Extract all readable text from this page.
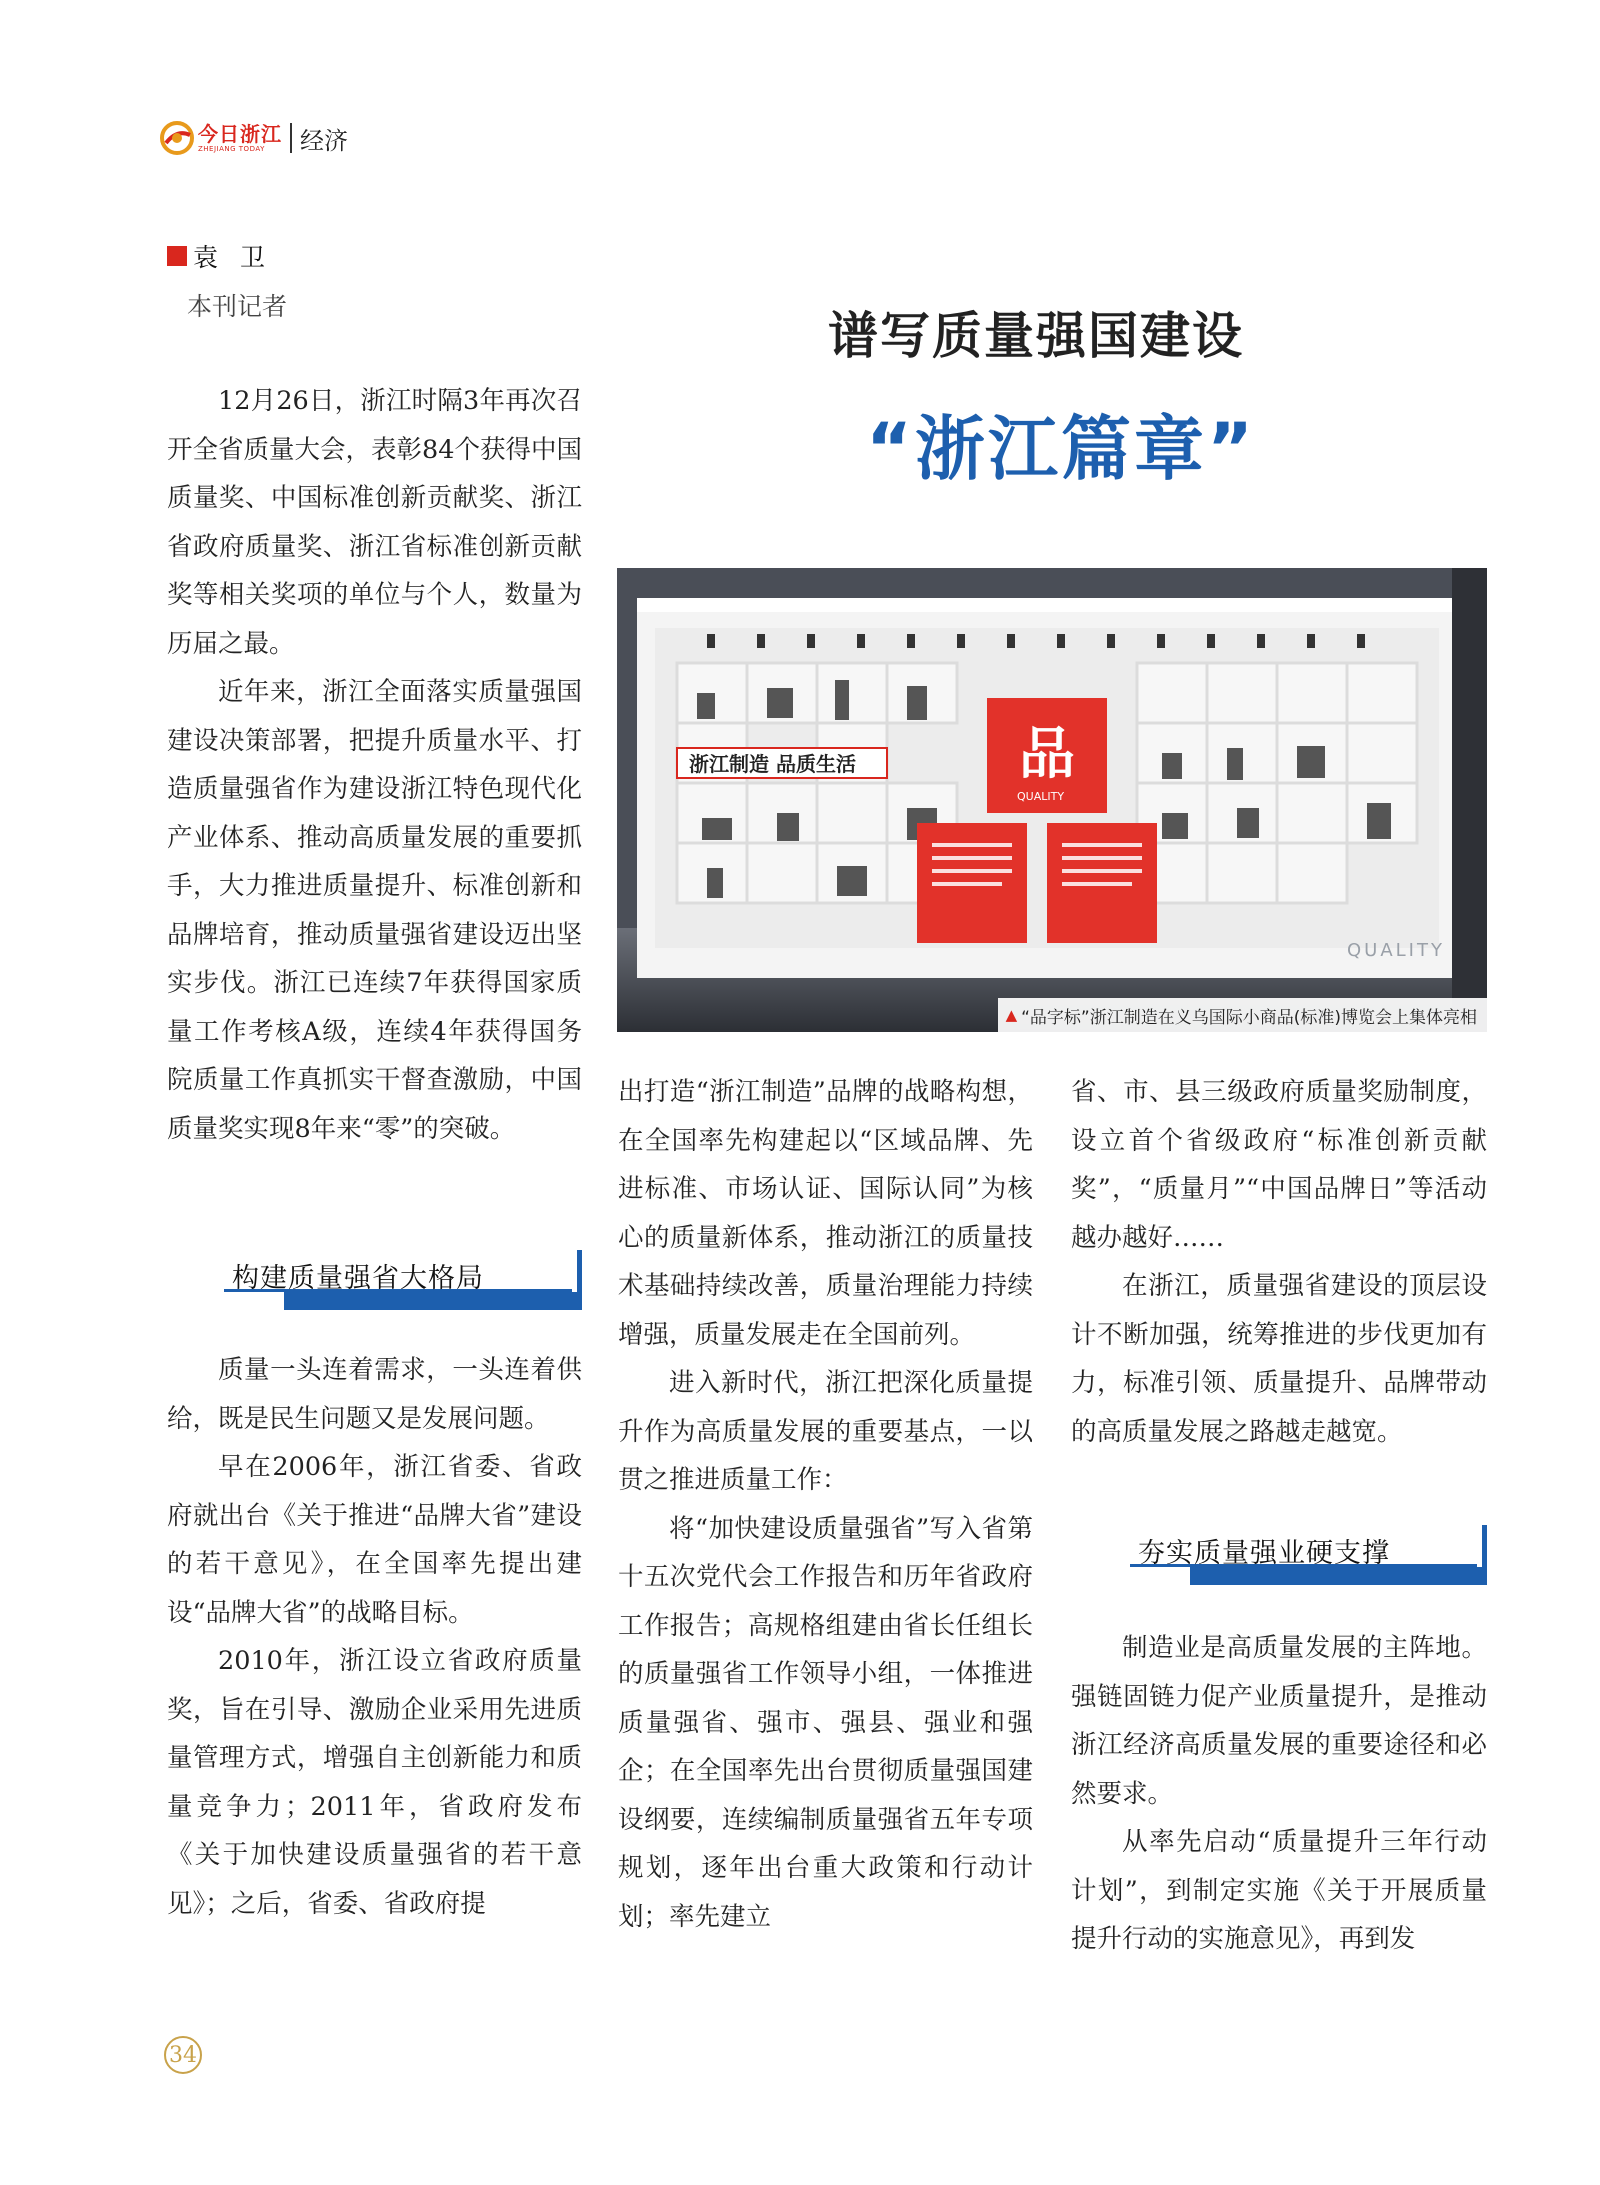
今日浙江
ZHEJIANG TODAY	经济
袁卫
本刊记者
谱写质量强国建设
“浙江篇章”
浙江制造 品质生活	品
QUALITY
QUALITY
▲ “品字标”浙江制造在义乌国际小商品(标准)博览会上集体亮相

12月26日，浙江时隔3年再次召开全省质量大会，表彰84个获得中国质量奖、中国标准创新贡献奖、浙江省政府质量奖、浙江省标准创新贡献奖等相关奖项的单位与个人，数量为历届之最。

近年来，浙江全面落实质量强国建设决策部署，把提升质量水平、打造质量强省作为建设浙江特色现代化产业体系、推动高质量发展的重要抓手，大力推进质量提升、标准创新和品牌培育，推动质量强省建设迈出坚实步伐。浙江已连续7年获得国家质量工作考核A级，连续4年获得国务院质量工作真抓实干督查激励，中国质量奖实现8年来“零”的突破。

构建质量强省大格局

质量一头连着需求，一头连着供给，既是民生问题又是发展问题。

早在2006年，浙江省委、省政府就出台《关于推进“品牌大省”建设的若干意见》，在全国率先提出建设“品牌大省”的战略目标。

2010年，浙江设立省政府质量奖，旨在引导、激励企业采用先进质量管理方式，增强自主创新能力和质量竞争力；2011年，省政府发布《关于加快建设质量强省的若干意见》；之后，省委、省政府提

出打造“浙江制造”品牌的战略构想，在全国率先构建起以“区域品牌、先进标准、市场认证、国际认同”为核心的质量新体系，推动浙江的质量技术基础持续改善，质量治理能力持续增强，质量发展走在全国前列。

进入新时代，浙江把深化质量提升作为高质量发展的重要基点，一以贯之推进质量工作：

将“加快建设质量强省”写入省第十五次党代会工作报告和历年省政府工作报告；高规格组建由省长任组长的质量强省工作领导小组，一体推进质量强省、强市、强县、强业和强企；在全国率先出台贯彻质量强国建设纲要，连续编制质量强省五年专项规划，逐年出台重大政策和行动计划；率先建立

省、市、县三级政府质量奖励制度，设立首个省级政府“标准创新贡献奖”，“质量月”“中国品牌日”等活动越办越好……

在浙江，质量强省建设的顶层设计不断加强，统筹推进的步伐更加有力，标准引领、质量提升、品牌带动的高质量发展之路越走越宽。

夯实质量强业硬支撑

制造业是高质量发展的主阵地。强链固链力促产业质量提升，是推动浙江经济高质量发展的重要途径和必然要求。

从率先启动“质量提升三年行动计划”，到制定实施《关于开展质量提升行动的实施意见》，再到发

34
